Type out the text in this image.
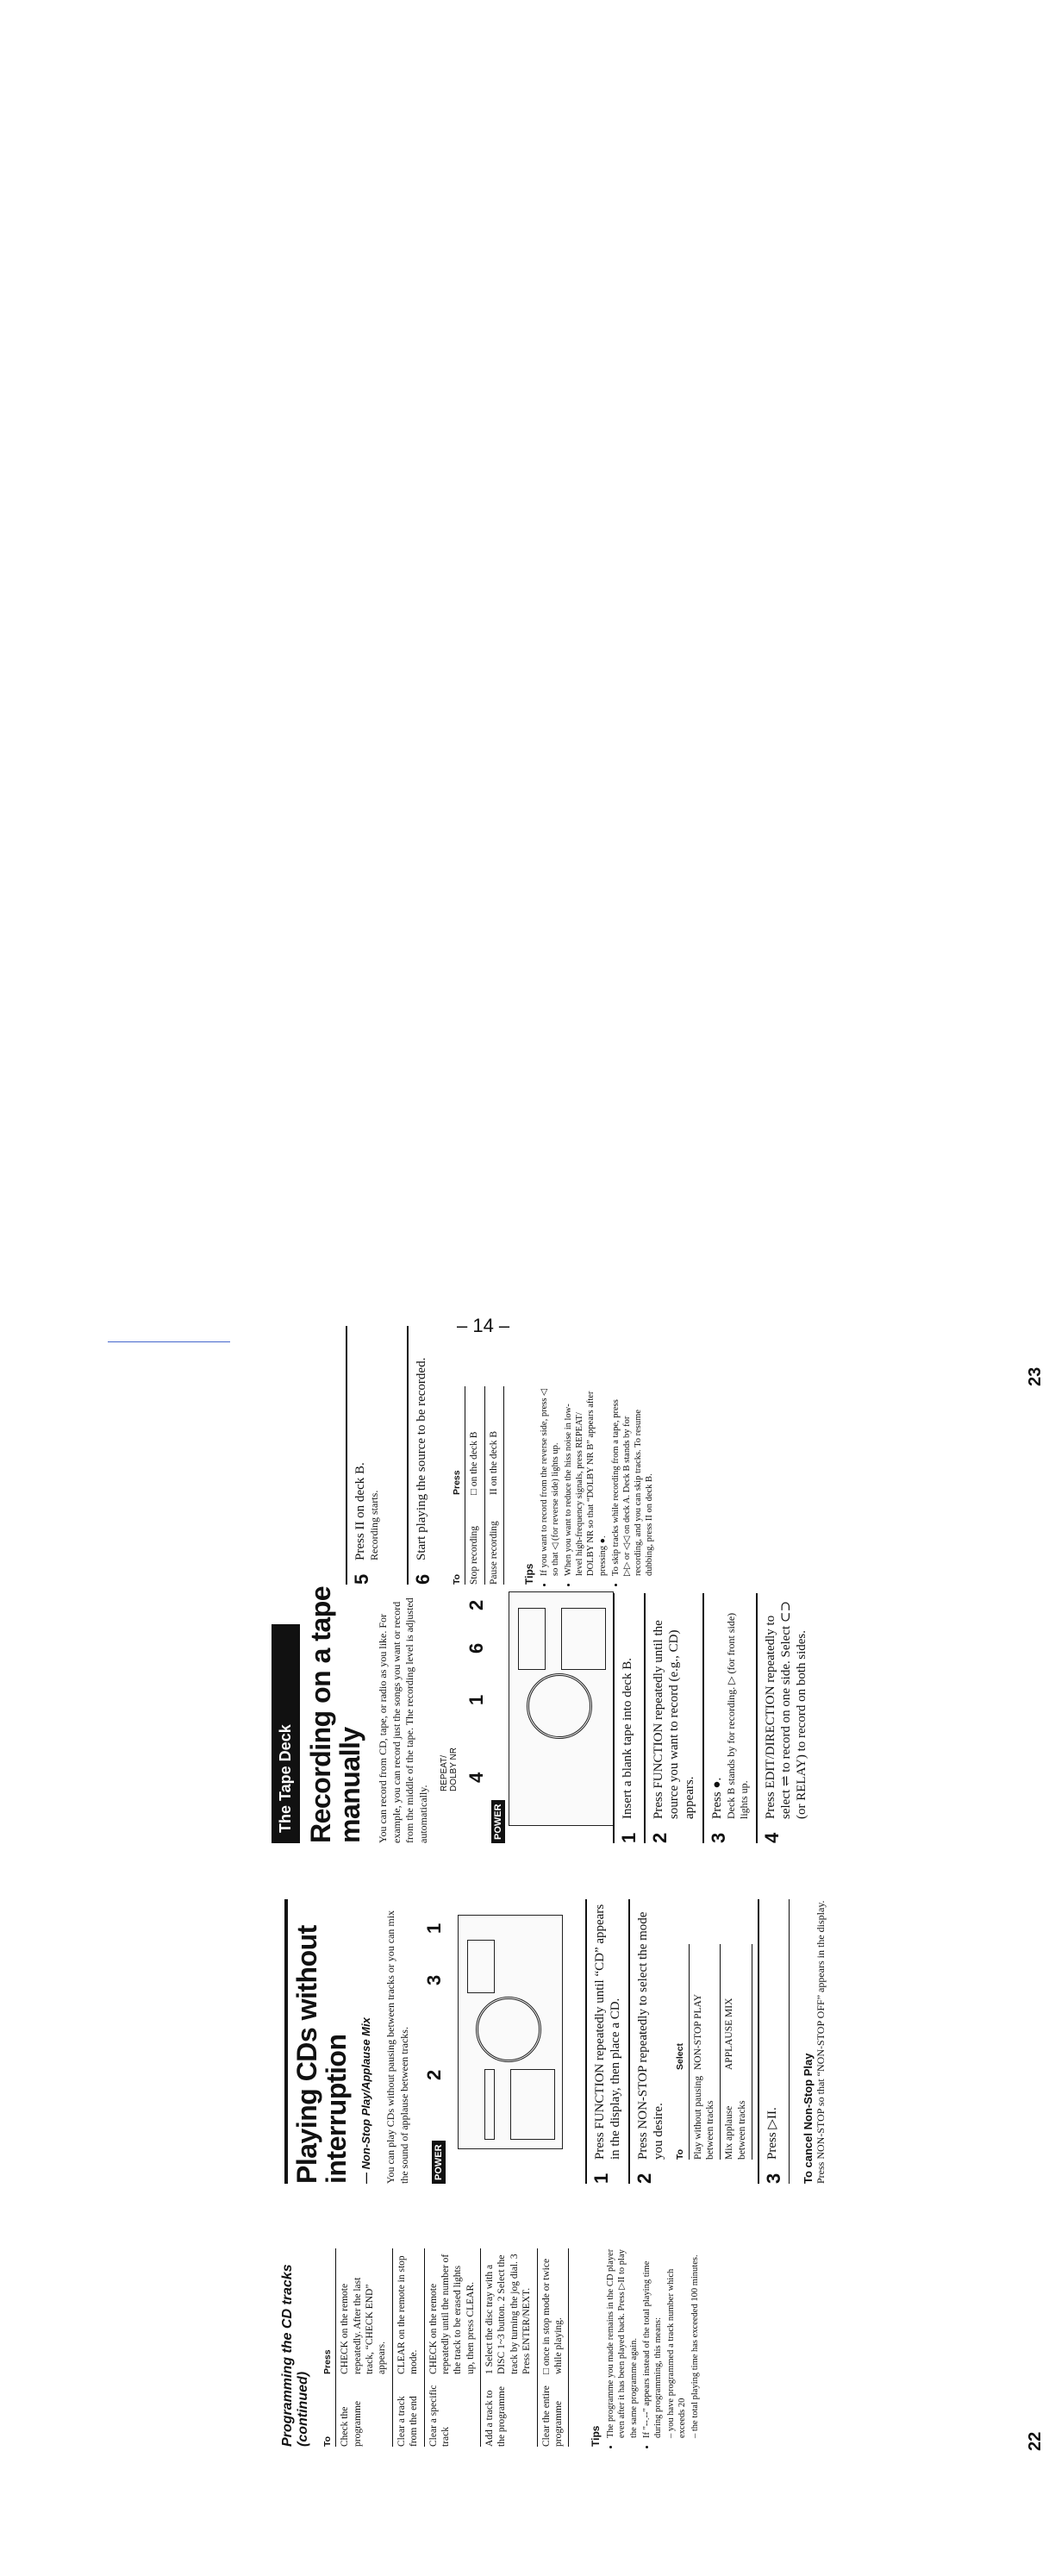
Programming the CD tracks (continued) To	Press
Check the programme	CHECK on the remote repeatedly. After the last track, “CHECK END” appears.
Clear a track from the end	CLEAR on the remote in stop mode.
Clear a specific track	CHECK on the remote repeatedly until the number of the track to be erased lights up, then press CLEAR.
Add a track to the programme	1 Select the disc tray with a DISC 1~3 button. 2 Select the track by turning the jog dial. 3 Press ENTER/NEXT.
Clear the entire programme	□ once in stop mode or twice while playing.
Tips • The programme you made remains in the CD player even after it has been played back. Press ▷II to play the same programme again. • If "--.--" appears instead of the total playing time during programming, this means: – you have programmed a track number which exceeds 20 – the total playing time has exceeded 100 minutes.
Playing CDs without interruption — Non-Stop Play/Applause Mix You can play CDs without pausing between tracks or you can mix the sound of applause between tracks.	POWER
2
3
1
1
Press FUNCTION repeatedly until “CD” appears in the display, then place a CD.
2
Press NON-STOP repeatedly to select the mode you desire. To	Select
Play without pausing between tracks	NON-STOP PLAY
Mix applause between tracks	APPLAUSE MIX
3
Press ▷II. To cancel Non-Stop Play Press NON-STOP so that “NON-STOP OFF” appears in the display.
The Tape Deck Recording on a tape manually You can record from CD, tape, or radio as you like. For example, you can record just the songs you want or record from the middle of the tape. The recording level is adjusted automatically.

REPEAT/ DOLBY NR
POWER
4
1
6
2
1
Insert a blank tape into deck B.
2
Press FUNCTION repeatedly until the source you want to record (e.g., CD) appears.
3
Press ●. Deck B stands by for recording. ▷ (for front side) lights up.
4
Press EDIT/DIRECTION repeatedly to select ⇌ to record on one side. Select ⊂⊃ (or RELAY) to record on both sides.
5
Press II on deck B. Recording starts.
6
Start playing the source to be recorded.
To	Press
Stop recording	□ on the deck B
Pause recording	II on the deck B
Tips • If you want to record from the reverse side, press ◁ so that ◁ (for reverse side) lights up. • When you want to reduce the hiss noise in low-level high-frequency signals, press REPEAT/ DOLBY NR so that “DOLBY NR B” appears after pressing ●. • To skip tracks while recording from a tape, press ▷▷ or ◁◁ on deck A. Deck B stands by for recording, and you can skip tracks. To resume dubbing, press II on deck B.
22
23
– 14 –
